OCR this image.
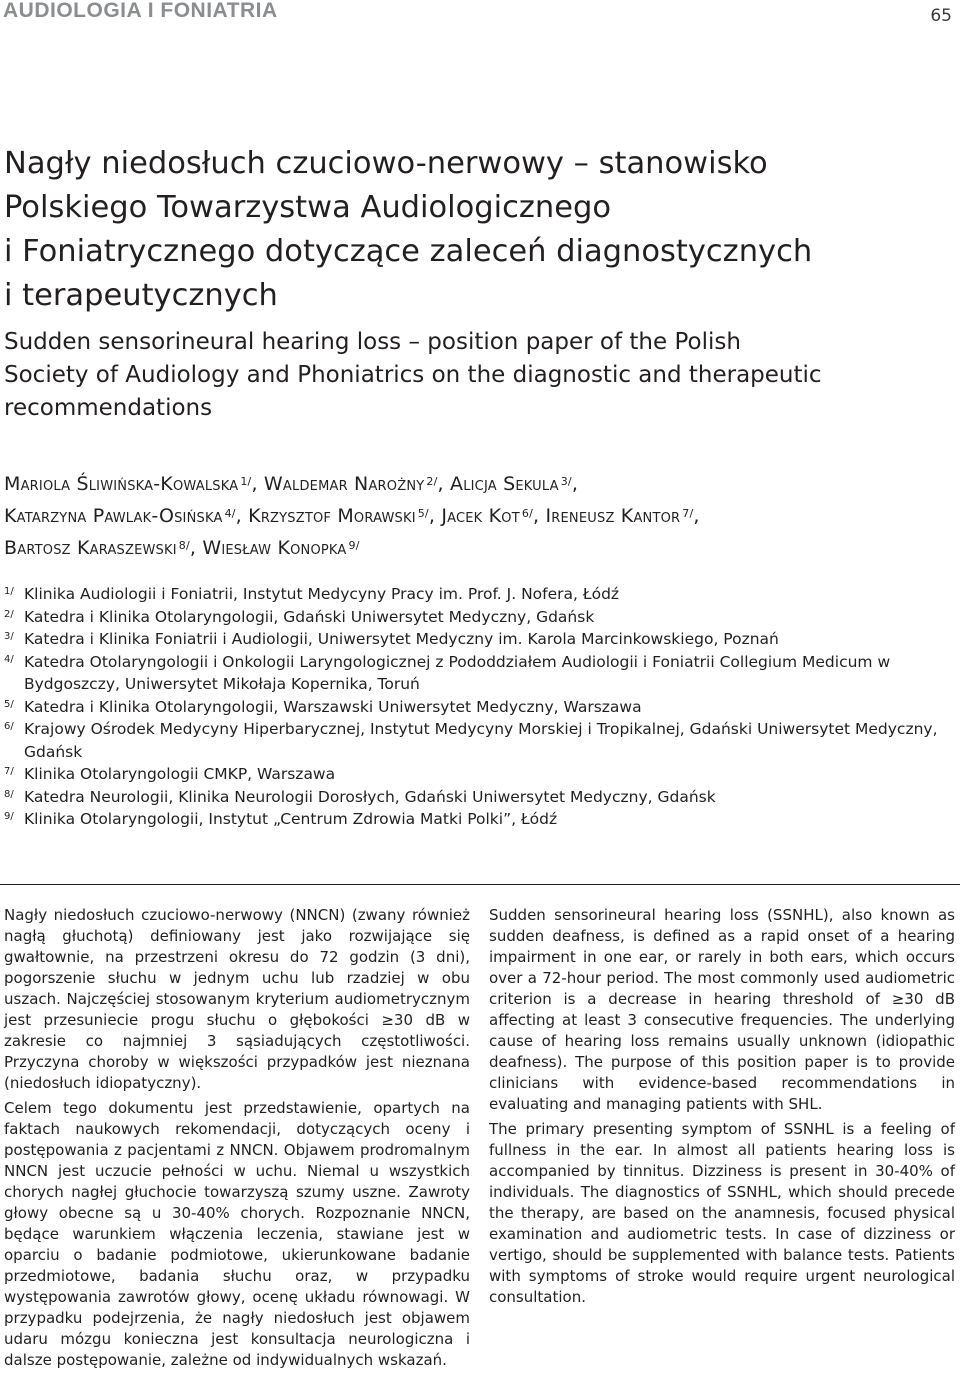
AUDIOLOGIA I FONIATRIA	65
Nagły niedosłuch czuciowo-nerwowy – stanowisko
Polskiego Towarzystwa Audiologicznego
i Foniatrycznego dotyczące zaleceń diagnostycznych
i terapeutycznych
Sudden sensorineural hearing loss – position paper of the Polish
Society of Audiology and Phoniatrics on the diagnostic and therapeutic
recommendations
Mariola Śliwińska-Kowalska $^{1/}$, Waldemar Narożny $^{2/}$, Alicja Sekula $^{3/}$,
Katarzyna Pawlak-Osińska $^{4/}$, Krzysztof Morawski $^{5/}$, Jacek Kot $^{6/}$, Ireneusz Kantor $^{7/}$,
Bartosz Karaszewski $^{8/}$, Wiesław Konopka $^{9/}$
1/ Klinika Audiologii i Foniatrii, Instytut Medycyny Pracy im. Prof. J. Nofera, Łódź
2/ Katedra i Klinika Otolaryngologii, Gdański Uniwersytet Medyczny, Gdańsk
3/ Katedra i Klinika Foniatrii i Audiologii, Uniwersytet Medyczny im. Karola Marcinkowskiego, Poznań
4/ Katedra Otolaryngologii i Onkologii Laryngologicznej z Pododdziałem Audiologii i Foniatrii Collegium Medicum w Bydgoszczy, Uniwersytet Mikołaja Kopernika, Toruń
5/ Katedra i Klinika Otolaryngologii, Warszawski Uniwersytet Medyczny, Warszawa
6/ Krajowy Ośrodek Medycyny Hiperbarycznej, Instytut Medycyny Morskiej i Tropikalnej, Gdański Uniwersytet Medyczny, Gdańsk
7/ Klinika Otolaryngologii CMKP, Warszawa
8/ Katedra Neurologii, Klinika Neurologii Dorosłych, Gdański Uniwersytet Medyczny, Gdańsk
9/ Klinika Otolaryngologii, Instytut „Centrum Zdrowia Matki Polki”, Łódź

Nagły niedosłuch czuciowo-nerwowy (NNCN) (zwany również nagłą głuchotą) definiowany jest jako rozwijające się gwałtownie, na przestrzeni okresu do 72 godzin (3 dni), pogorszenie słuchu w jednym uchu lub rzadziej w obu uszach. Najczęściej stosowanym kryterium audiometrycznym jest przesuniecie progu słuchu o głębokości ≥30 dB w zakresie co najmniej 3 sąsiadujących częstotliwości. Przyczyna choroby w większości przypadków jest nieznana (niedosłuch idiopatyczny).

Celem tego dokumentu jest przedstawienie, opartych na faktach naukowych rekomendacji, dotyczących oceny i postępowania z pacjentami z NNCN. Objawem prodromalnym NNCN jest uczucie pełności w uchu. Niemal u wszystkich chorych nagłej głuchocie towarzyszą szumy uszne. Zawroty głowy obecne są u 30-40% chorych. Rozpoznanie NNCN, będące warunkiem włączenia leczenia, stawiane jest w oparciu o badanie podmiotowe, ukierunkowane badanie przedmiotowe, badania słuchu oraz, w przypadku występowania zawrotów głowy, ocenę układu równowagi. W przypadku podejrzenia, że nagły niedosłuch jest objawem udaru mózgu konieczna jest konsultacja neurologiczna i dalsze postępowanie, zależne od indywidualnych wskazań.

Sudden sensorineural hearing loss (SSNHL), also known as sudden deafness, is defined as a rapid onset of a hearing impairment in one ear, or rarely in both ears, which occurs over a 72-hour period. The most commonly used audiometric criterion is a decrease in hearing threshold of ≥30 dB affecting at least 3 consecutive frequencies. The underlying cause of hearing loss remains usually unknown (idiopathic deafness). The purpose of this position paper is to provide clinicians with evidence-based recommendations in evaluating and managing patients with SHL.

The primary presenting symptom of SSNHL is a feeling of fullness in the ear. In almost all patients hearing loss is accompanied by tinnitus. Dizziness is present in 30-40% of individuals. The diagnostics of SSNHL, which should precede the therapy, are based on the anamnesis, focused physical examination and audiometric tests. In case of dizziness or vertigo, should be supplemented with balance tests. Patients with symptoms of stroke would require urgent neurological consultation.
